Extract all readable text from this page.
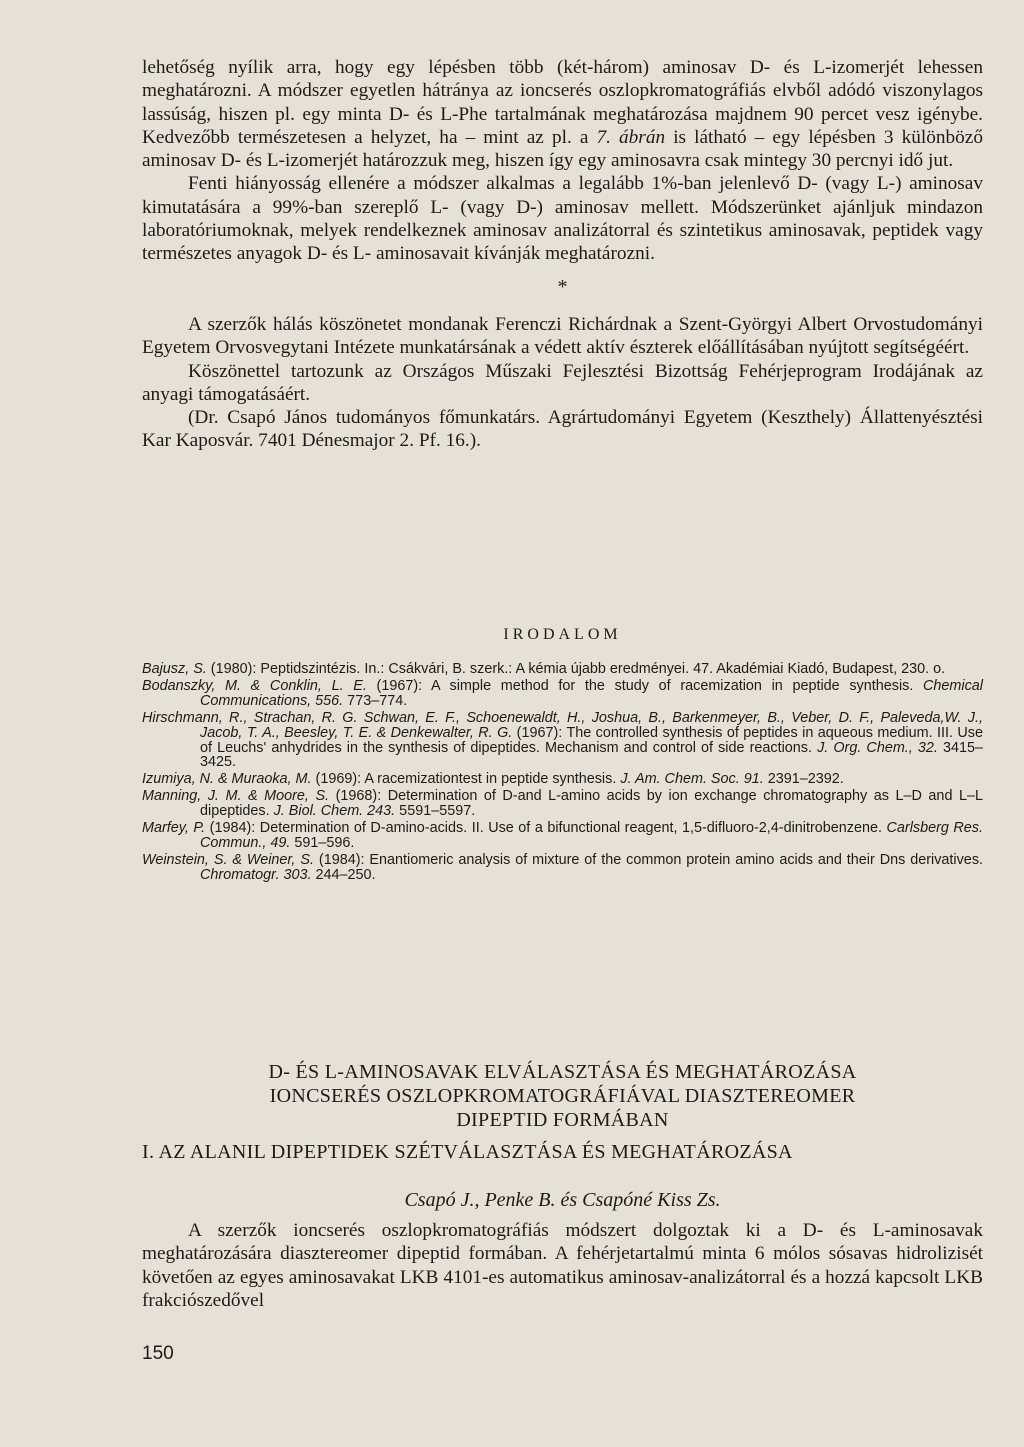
lehetőség nyílik arra, hogy egy lépésben több (két-három) aminosav D- és L-izomerjét lehessen meghatározni. A módszer egyetlen hátránya az ioncserés oszlopkromatográfiás elvből adódó viszonylagos lassúság, hiszen pl. egy minta D- és L-Phe tartalmának meghatározása majdnem 90 percet vesz igénybe. Kedvezőbb természetesen a helyzet, ha – mint az pl. a 7. ábrán is látható – egy lépésben 3 különböző aminosav D- és L-izomerjét határozzuk meg, hiszen így egy aminosavra csak mintegy 30 percnyi idő jut.

Fenti hiányosság ellenére a módszer alkalmas a legalább 1%-ban jelenlevő D- (vagy L-) aminosav kimutatására a 99%-ban szereplő L- (vagy D-) aminosav mellett. Módszerünket ajánljuk mindazon laboratóriumoknak, melyek rendelkeznek aminosav analizátorral és szintetikus aminosavak, peptidek vagy természetes anyagok D- és L- aminosavait kívánják meghatározni.

*

A szerzők hálás köszönetet mondanak Ferenczi Richárdnak a Szent-Györgyi Albert Orvostudományi Egyetem Orvosvegytani Intézete munkatársának a védett aktív észterek előállításában nyújtott segítségéért.

Köszönettel tartozunk az Országos Műszaki Fejlesztési Bizottság Fehérjeprogram Irodájának az anyagi támogatásáért.

(Dr. Csapó János tudományos főmunkatárs. Agrártudományi Egyetem (Keszthely) Állattenyésztési Kar Kaposvár. 7401 Dénesmajor 2. Pf. 16.).

IRODALOM
Bajusz, S. (1980): Peptidszintézis. In.: Csákvári, B. szerk.: A kémia újabb eredményei. 47. Akadémiai Kiadó, Budapest, 230. o.
Bodanszky, M. & Conklin, L. E. (1967): A simple method for the study of racemization in peptide synthesis. Chemical Communications, 556. 773–774.
Hirschmann, R., Strachan, R. G. Schwan, E. F., Schoenewaldt, H., Joshua, B., Barkenmeyer, B., Veber, D. F., Paleveda,W. J., Jacob, T. A., Beesley, T. E. & Denkewalter, R. G. (1967): The controlled synthesis of peptides in aqueous medium. III. Use of Leuchs' anhydrides in the synthesis of dipeptides. Mechanism and control of side reactions. J. Org. Chem., 32. 3415–3425.
Izumiya, N. & Muraoka, M. (1969): A racemizationtest in peptide synthesis. J. Am. Chem. Soc. 91. 2391–2392.
Manning, J. M. & Moore, S. (1968): Determination of D-and L-amino acids by ion exchange chromatography as L–D and L–L dipeptides. J. Biol. Chem. 243. 5591–5597.
Marfey, P. (1984): Determination of D-amino-acids. II. Use of a bifunctional reagent, 1,5-difluoro-2,4-dinitrobenzene. Carlsberg Res. Commun., 49. 591–596.
Weinstein, S. & Weiner, S. (1984): Enantiomeric analysis of mixture of the common protein amino acids and their Dns derivatives. Chromatogr. 303. 244–250.
D- ÉS L-AMINOSAVAK ELVÁLASZTÁSA ÉS MEGHATÁROZÁSA
IONCSERÉS OSZLOPKROMATOGRÁFIÁVAL DIASZTEREOMER
DIPEPTID FORMÁBAN
I. AZ ALANIL DIPEPTIDEK SZÉTVÁLASZTÁSA ÉS MEGHATÁROZÁSA
Csapó J., Penke B. és Csapóné Kiss Zs.

A szerzők ioncserés oszlopkromatográfiás módszert dolgoztak ki a D- és L-aminosavak meghatározására diasztereomer dipeptid formában. A fehérjetartalmú minta 6 mólos sósavas hidrolizisét követően az egyes aminosavakat LKB 4101-es automatikus aminosav-analizátorral és a hozzá kapcsolt LKB frakciószedővel

150
